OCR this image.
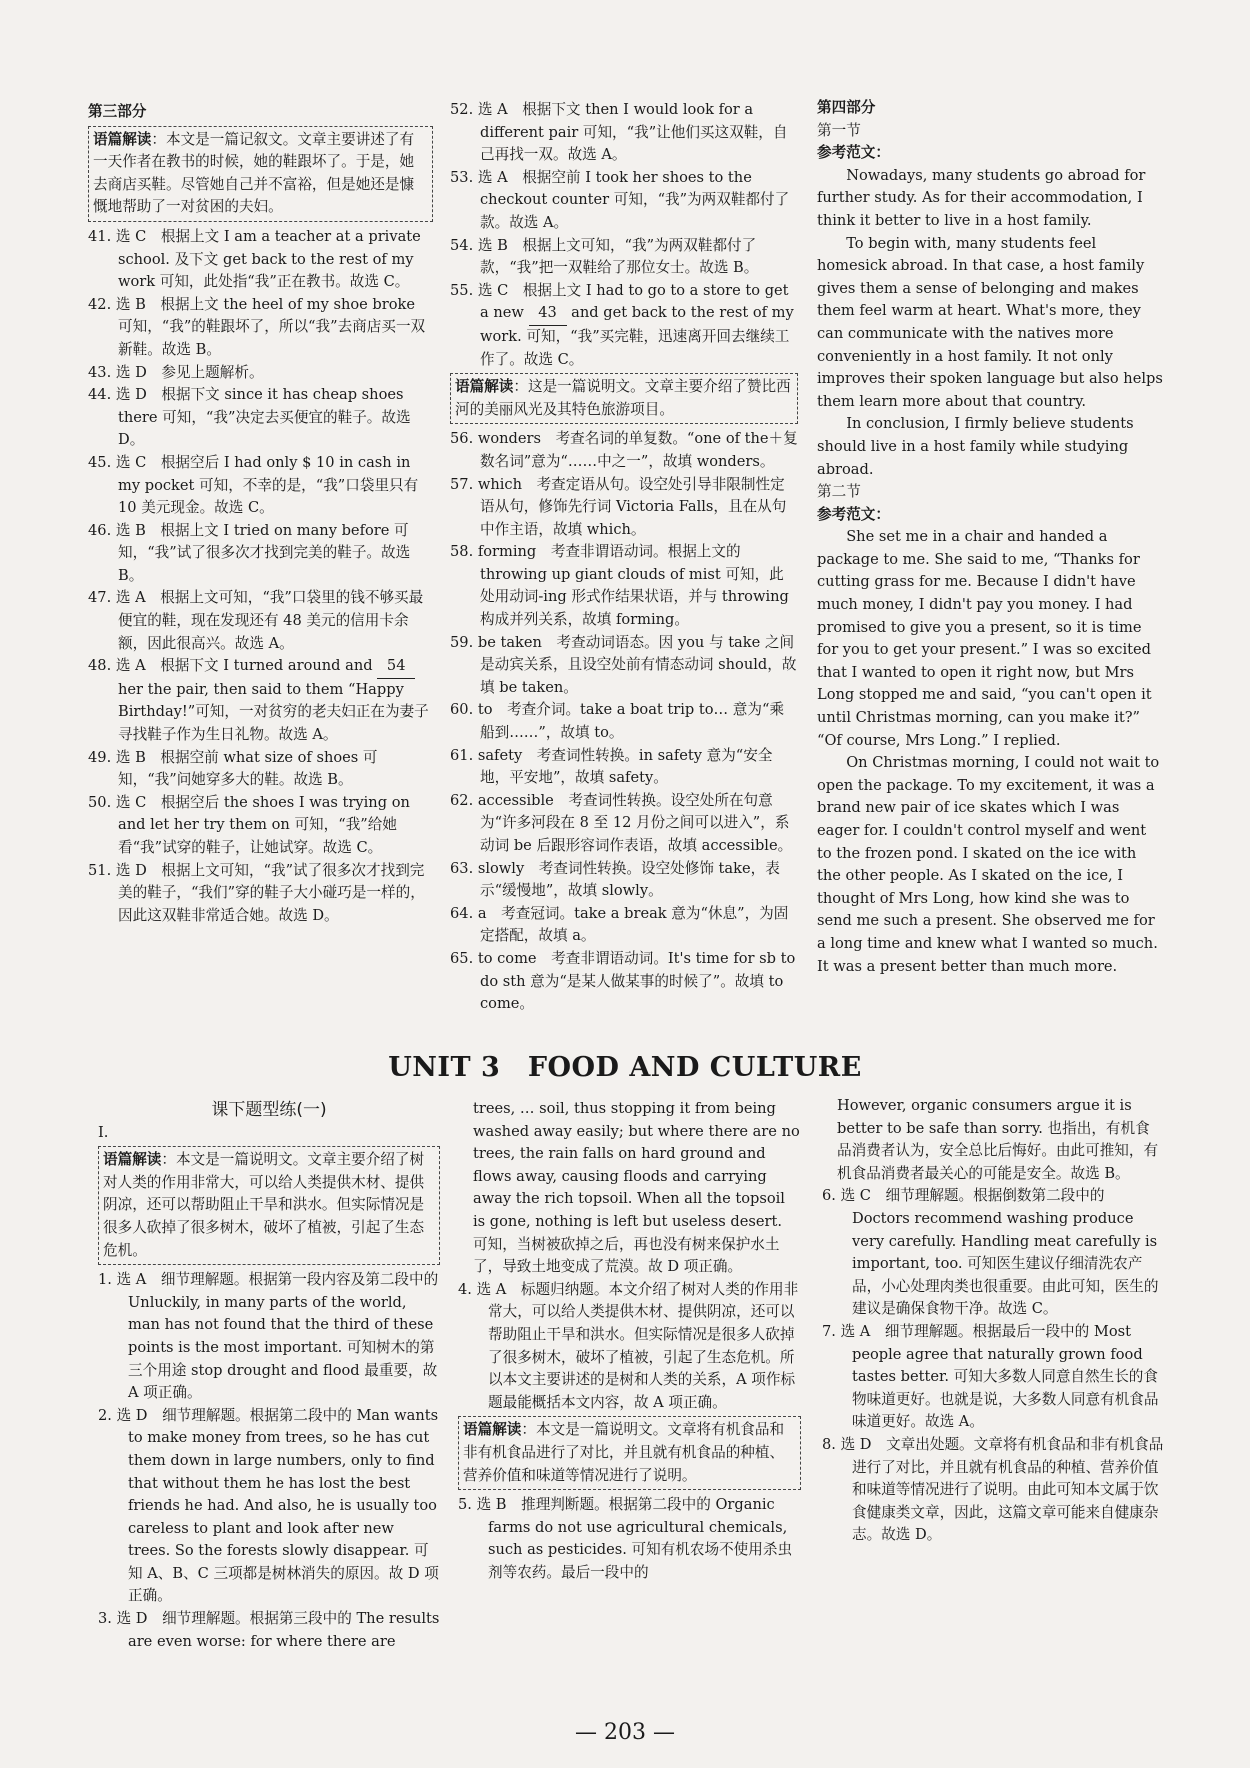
第三部分

语篇解读：本文是一篇记叙文。文章主要讲述了有一天作者在教书的时候，她的鞋跟坏了。于是，她去商店买鞋。尽管她自己并不富裕，但是她还是慷慨地帮助了一对贫困的夫妇。

41. 选 C　根据上文 I am a teacher at a private school. 及下文 get back to the rest of my work 可知，此处指“我”正在教书。故选 C。

42. 选 B　根据上文 the heel of my shoe broke 可知，“我”的鞋跟坏了，所以“我”去商店买一双新鞋。故选 B。

43. 选 D　参见上题解析。

44. 选 D　根据下文 since it has cheap shoes there 可知，“我”决定去买便宜的鞋子。故选 D。

45. 选 C　根据空后 I had only $ 10 in cash in my pocket 可知，不幸的是，“我”口袋里只有 10 美元现金。故选 C。

46. 选 B　根据上文 I tried on many before 可知，“我”试了很多次才找到完美的鞋子。故选 B。

47. 选 A　根据上文可知，“我”口袋里的钱不够买最便宜的鞋，现在发现还有 48 美元的信用卡余额，因此很高兴。故选 A。

48. 选 A　根据下文 I turned around and 54 her the pair, then said to them “Happy Birthday!”可知，一对贫穷的老夫妇正在为妻子寻找鞋子作为生日礼物。故选 A。

49. 选 B　根据空前 what size of shoes 可知，“我”问她穿多大的鞋。故选 B。

50. 选 C　根据空后 the shoes I was trying on and let her try them on 可知，“我”给她看“我”试穿的鞋子，让她试穿。故选 C。

51. 选 D　根据上文可知，“我”试了很多次才找到完美的鞋子，“我们”穿的鞋子大小碰巧是一样的，因此这双鞋非常适合她。故选 D。

52. 选 A　根据下文 then I would look for a different pair 可知，“我”让他们买这双鞋，自己再找一双。故选 A。

53. 选 A　根据空前 I took her shoes to the checkout counter 可知，“我”为两双鞋都付了款。故选 A。

54. 选 B　根据上文可知，“我”为两双鞋都付了款，“我”把一双鞋给了那位女士。故选 B。

55. 选 C　根据上文 I had to go to a store to get a new 43 and get back to the rest of my work. 可知，“我”买完鞋，迅速离开回去继续工作了。故选 C。

语篇解读：这是一篇说明文。文章主要介绍了赞比西河的美丽风光及其特色旅游项目。

56. wonders　考查名词的单复数。“one of the＋复数名词”意为“……中之一”，故填 wonders。

57. which　考查定语从句。设空处引导非限制性定语从句，修饰先行词 Victoria Falls，且在从句中作主语，故填 which。

58. forming　考查非谓语动词。根据上文的 throwing up giant clouds of mist 可知，此处用动词-ing 形式作结果状语，并与 throwing 构成并列关系，故填 forming。

59. be taken　考查动词语态。因 you 与 take 之间是动宾关系，且设空处前有情态动词 should，故填 be taken。

60. to　考查介词。take a boat trip to… 意为“乘船到……”，故填 to。

61. safety　考查词性转换。in safety 意为“安全地，平安地”，故填 safety。

62. accessible　考查词性转换。设空处所在句意为“许多河段在 8 至 12 月份之间可以进入”，系动词 be 后跟形容词作表语，故填 accessible。

63. slowly　考查词性转换。设空处修饰 take，表示“缓慢地”，故填 slowly。

64. a　考查冠词。take a break 意为“休息”，为固定搭配，故填 a。

65. to come　考查非谓语动词。It's time for sb to do sth 意为“是某人做某事的时候了”。故填 to come。

第四部分

第一节

参考范文：

Nowadays, many students go abroad for further study. As for their accommodation, I think it better to live in a host family.

To begin with, many students feel homesick abroad. In that case, a host family gives them a sense of belonging and makes them feel warm at heart. What's more, they can communicate with the natives more conveniently in a host family. It not only improves their spoken language but also helps them learn more about that country.

In conclusion, I firmly believe students should live in a host family while studying abroad.

第二节

参考范文：

She set me in a chair and handed a package to me. She said to me, “Thanks for cutting grass for me. Because I didn't have much money, I didn't pay you money. I had promised to give you a present, so it is time for you to get your present.” I was so excited that I wanted to open it right now, but Mrs Long stopped me and said, “you can't open it until Christmas morning, can you make it?” “Of course, Mrs Long.” I replied.

On Christmas morning, I could not wait to open the package. To my excitement, it was a brand new pair of ice skates which I was eager for. I couldn't control myself and went to the frozen pond. I skated on the ice with the other people. As I skated on the ice, I thought of Mrs Long, how kind she was to send me such a present. She observed me for a long time and knew what I wanted so much. It was a present better than much more.

UNIT 3　FOOD AND CULTURE

课下题型练(一)

Ⅰ.

语篇解读：本文是一篇说明文。文章主要介绍了树对人类的作用非常大，可以给人类提供木材、提供阴凉，还可以帮助阻止干旱和洪水。但实际情况是很多人砍掉了很多树木，破坏了植被，引起了生态危机。

1. 选 A　细节理解题。根据第一段内容及第二段中的 Unluckily, in many parts of the world, man has not found that the third of these points is the most important. 可知树木的第三个用途 stop drought and flood 最重要，故 A 项正确。

2. 选 D　细节理解题。根据第二段中的 Man wants to make money from trees, so he has cut them down in large numbers, only to find that without them he has lost the best friends he had. And also, he is usually too careless to plant and look after new trees. So the forests slowly disappear. 可知 A、B、C 三项都是树林消失的原因。故 D 项正确。

3. 选 D　细节理解题。根据第三段中的 The results are even worse: for where there are

trees, … soil, thus stopping it from being washed away easily; but where there are no trees, the rain falls on hard ground and flows away, causing floods and carrying away the rich topsoil. When all the topsoil is gone, nothing is left but useless desert. 可知，当树被砍掉之后，再也没有树来保护水土了，导致土地变成了荒漠。故 D 项正确。

4. 选 A　标题归纳题。本文介绍了树对人类的作用非常大，可以给人类提供木材、提供阴凉，还可以帮助阻止干旱和洪水。但实际情况是很多人砍掉了很多树木，破坏了植被，引起了生态危机。所以本文主要讲述的是树和人类的关系，A 项作标题最能概括本文内容，故 A 项正确。

语篇解读：本文是一篇说明文。文章将有机食品和非有机食品进行了对比，并且就有机食品的种植、营养价值和味道等情况进行了说明。

5. 选 B　推理判断题。根据第二段中的 Organic farms do not use agricultural chemicals, such as pesticides. 可知有机农场不使用杀虫剂等农药。最后一段中的

However, organic consumers argue it is better to be safe than sorry. 也指出，有机食品消费者认为，安全总比后悔好。由此可推知，有机食品消费者最关心的可能是安全。故选 B。

6. 选 C　细节理解题。根据倒数第二段中的 Doctors recommend washing produce very carefully. Handling meat carefully is important, too. 可知医生建议仔细清洗农产品，小心处理肉类也很重要。由此可知，医生的建议是确保食物干净。故选 C。

7. 选 A　细节理解题。根据最后一段中的 Most people agree that naturally grown food tastes better. 可知大多数人同意自然生长的食物味道更好。也就是说，大多数人同意有机食品味道更好。故选 A。

8. 选 D　文章出处题。文章将有机食品和非有机食品进行了对比，并且就有机食品的种植、营养价值和味道等情况进行了说明。由此可知本文属于饮食健康类文章，因此，这篇文章可能来自健康杂志。故选 D。

— 203 —
